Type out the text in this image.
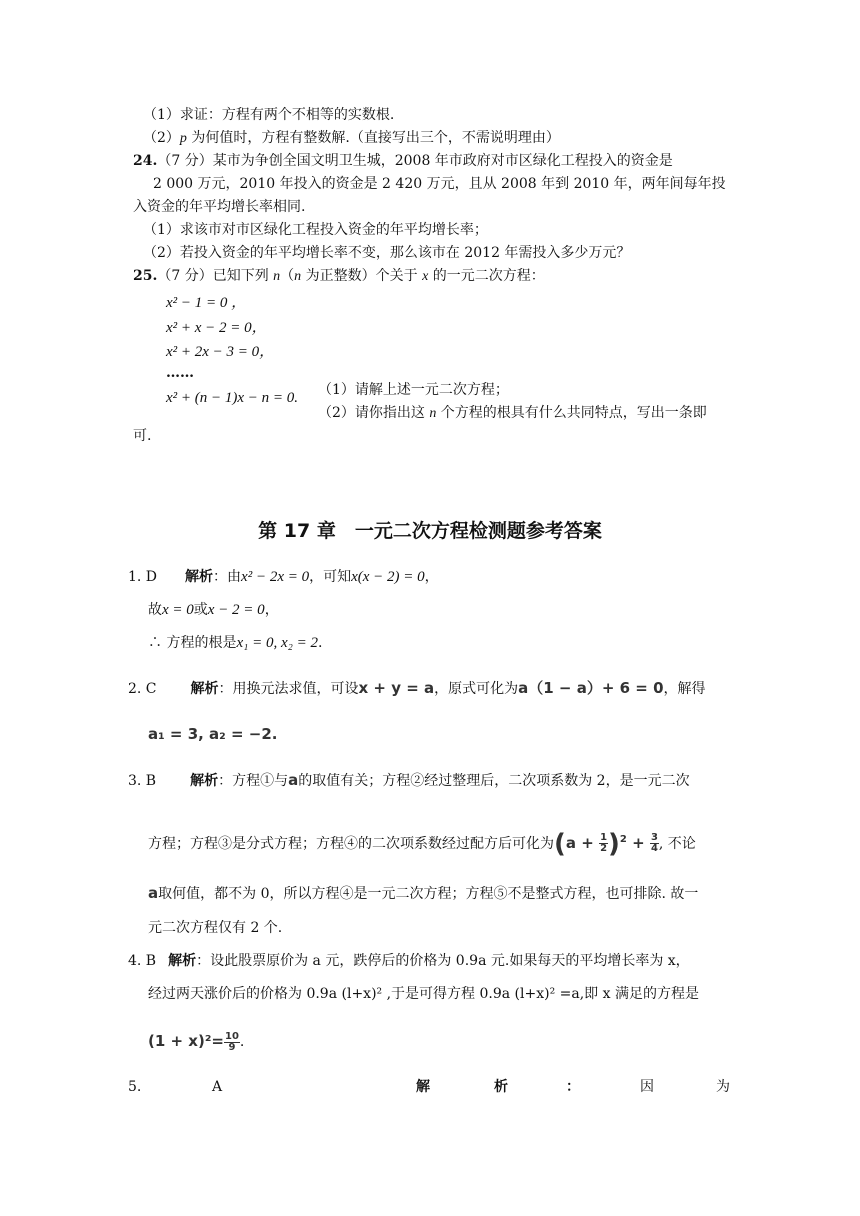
（1）求证：方程有两个不相等的实数根.
（2）p 为何值时，方程有整数解.（直接写出三个，不需说明理由）
24.（7 分）某市为争创全国文明卫生城，2008 年市政府对市区绿化工程投入的资金是
2 000 万元，2010 年投入的资金是 2 420 万元，且从 2008 年到 2010 年，两年间每年投
入资金的年平均增长率相同.
（1）求该市对市区绿化工程投入资金的年平均增长率；
（2）若投入资金的年平均增长率不变，那么该市在 2012 年需投入多少万元？
25.（7 分）已知下列 n（n 为正整数）个关于 x 的一元二次方程：
x² − 1 = 0 ，
x² + x − 2 = 0，
x² + 2x − 3 = 0，
……
x² + (n − 1)x − n = 0. （1）请解上述一元二次方程；
（2）请你指出这 n 个方程的根具有什么共同特点，写出一条即
可.
第 17 章　一元二次方程检测题参考答案
1. D 解析：由x² − 2x = 0，可知x(x − 2) = 0，
故x = 0或x − 2 = 0，
∴ 方程的根是x₁ = 0, x₂ = 2.
2. C 解析：用换元法求值，可设x + y = a，原式可化为a（1 − a）+ 6 = 0，解得
a₁ = 3, a₂ = −2.
3. B 解析：方程①与a的取值有关；方程②经过整理后，二次项系数为 2，是一元二次
方程；方程③是分式方程；方程④的二次项系数经过配方后可化为$(a + \frac{1}{2} )^2 + \frac{3}{4}$ , 不论
a取何值，都不为 0，所以方程④是一元二次方程；方程⑤不是整式方程，也可排除. 故一
元二次方程仅有 2 个.
4. B 解析：设此股票原价为 a 元，跌停后的价格为 0.9a 元.如果每天的平均增长率为 x，
经过两天涨价后的价格为 0.9a (l+x)² ,于是可得方程 0.9a (l+x)² =a,即 x 满足的方程是
$(1 + x)^2= \frac{10}{9}$ .
5.	A	解	析	：	因	为
